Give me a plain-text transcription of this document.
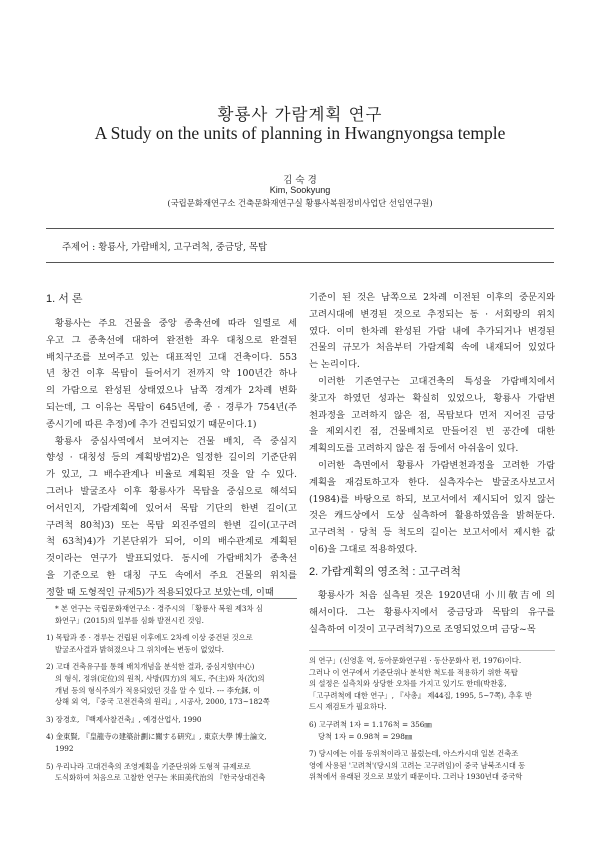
황룡사 가람계획 연구
A Study on the units of planning in Hwangnyongsa temple
김 숙 경
Kim, Sookyung
(국립문화재연구소 건축문화재연구실 황룡사복원정비사업단 선임연구원)
주제어 : 황룡사, 가람배치, 고구려척, 중금당, 목탑
1. 서 론
황룡사는 주요 건물을 중앙 종축선에 따라 일렬로 세
우고 그 종축선에 대하여 완전한 좌우 대칭으로 완결된
배치구조를 보여주고 있는 대표적인 고대 건축이다. 553
년 창건 이후 목탑이 들어서기 전까지 약 100년간 하나
의 가람으로 완성된 상태였으나 남쪽 경계가 2차례 변화
되는데, 그 이유는 목탑이 645년에, 종 · 경루가 754년(주
종시기에 따른 추정)에 추가 건립되었기 때문이다.1)
황룡사 중심사역에서 보여지는 건물 배치, 즉 중심지
향성 · 대칭성 등의 계획방법2)은 일정한 길이의 기준단위
가 있고, 그 배수관계나 비율로 계획된 것을 알 수 있다.
그러나 발굴조사 이후 황룡사가 목탑을 중심으로 해석되
어서인지, 가람계획에 있어서 목탑 기단의 한변 길이(고
구려척 80척)3) 또는 목탑 외진주열의 한변 길이(고구려
척 63척)4)가 기본단위가 되어, 이의 배수관계로 계획된
것이라는 연구가 발표되었다. 동시에 가람배치가 종축선
을 기준으로 한 대칭 구도 속에서 주요 건물의 위치를
정할 때 도형적인 규제5)가 적용되었다고 보았는데, 이때
* 본 연구는 국립문화재연구소 · 경주시의 「황룡사 복원 제3차 심
화연구」(2015)의 일부를 심화 발전시킨 것임.
1) 목탑과 종 · 경루는 건립된 이후에도 2차례 이상 중건된 것으로
발굴조사결과 밝혀졌으나 그 위치에는 변동이 없었다.
2) 고대 건축유구를 통해 배치개념을 분석한 결과, 중심지향(中心)
의 형식, 정위(定位)의 원칙, 사방(四方)의 체도, 주(主)와 차(次)의
개념 등의 형식주의가 적용되었던 것을 알 수 있다. --- 李允鉌, 이
상해 외 역, 『중국 고전건축의 원리』, 시공사, 2000, 173~182쪽
3) 장경호, 『백제사찰건축』, 예경산업사, 1990
4) 金東賢, 『皇龍寺の建築計劃に關する硏究』, 東京大學 博士論文,
1992
5) 우리나라 고대건축의 조영계획을 기준단위와 도형적 규제로로
도식화하여 처음으로 고찰한 연구는 米田美代治의 『한국상대건축
기준이 된 것은 남쪽으로 2차례 이전된 이후의 중문지와
고려시대에 변경된 것으로 추정되는 동 · 서회랑의 위치
였다. 이미 한차례 완성된 가람 내에 추가되거나 변경된
건물의 규모가 처음부터 가람계획 속에 내재되어 있었다
는 논리이다.
이러한 기존연구는 고대건축의 특성을 가람배치에서
찾고자 하였던 성과는 확실히 있었으나, 황룡사 가람변
천과정을 고려하지 않은 점, 목탑보다 먼저 지어진 금당
을 제외시킨 점, 건물배치로 만들어진 빈 공간에 대한
계획의도를 고려하지 않은 점 등에서 아쉬움이 있다.
이러한 측면에서 황룡사 가람변천과정을 고려한 가람
계획을 재검토하고자 한다. 실측자수는 발굴조사보고서
(1984)를 바탕으로 하되, 보고서에서 제시되어 있지 않는
것은 캐드상에서 도상 실측하여 활용하였음을 밝혀둔다.
고구려척 · 당척 등 척도의 길이는 보고서에서 제시한 값
이6)을 그대로 적용하였다.
2. 가람계획의 영조척 : 고구려척
황룡사가 처음 실측된 것은 1920년대 小川敬吉에 의
해서이다. 그는 황룡사지에서 중금당과 목탑의 유구를
실측하여 이것이 고구려척7)으로 조영되었으며 금당~목
의 연구」(신영훈 역, 동아문화연구원 · 동산문화사 편, 1976)이다.
그러나 이 연구에서 기준단위나 분석한 척도를 적용하기 위한 목탑
의 설정은 실측치와 상당한 오차를 가지고 있기도 한데(박찬홍,
「고구려척에 대한 연구」, 『사총』 제44집, 1995, 5~7쪽), 추후 반
드시 재검토가 필요하다.
6) 고구려척 1자 = 1.176척 = 356㎜
당척 1자 = 0.98척 = 298㎜
7) 당시에는 이를 동위척이라고 불렀는데, 아스카시대 일본 건축조
영에 사용된 '고려척'(당시의 고려는 고구려임)이 중국 남북조시대 동
위척에서 유래된 것으로 보았기 때문이다. 그러나 1930년대 중국학
